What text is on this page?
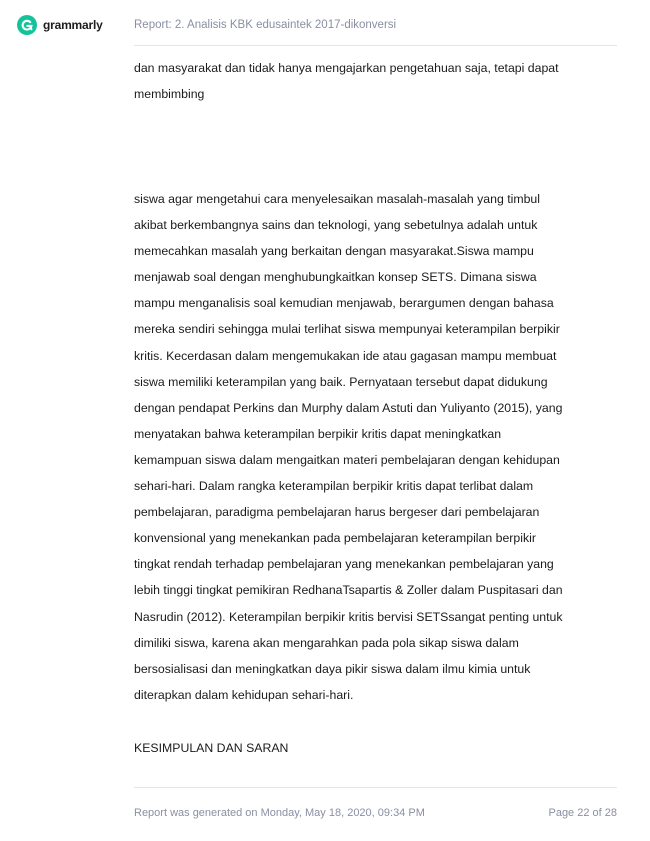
grammarly	Report: 2. Analisis KBK edusaintek 2017-dikonversi
dan masyarakat dan tidak hanya mengajarkan pengetahuan saja, tetapi dapat
membimbing
siswa agar mengetahui cara menyelesaikan masalah-masalah yang timbul
akibat berkembangnya sains dan teknologi, yang sebetulnya adalah untuk
memecahkan masalah yang berkaitan dengan masyarakat.Siswa mampu
menjawab soal dengan menghubungkaitkan konsep SETS. Dimana siswa
mampu menganalisis soal kemudian menjawab, berargumen dengan bahasa
mereka sendiri sehingga mulai terlihat siswa mempunyai keterampilan berpikir
kritis. Kecerdasan dalam mengemukakan ide atau gagasan mampu membuat
siswa memiliki keterampilan yang baik. Pernyataan tersebut dapat didukung
dengan pendapat Perkins dan Murphy dalam Astuti dan Yuliyanto (2015), yang
menyatakan bahwa keterampilan berpikir kritis dapat meningkatkan
kemampuan siswa dalam mengaitkan materi pembelajaran dengan kehidupan
sehari-hari. Dalam rangka keterampilan berpikir kritis dapat terlibat dalam
pembelajaran, paradigma pembelajaran harus bergeser dari pembelajaran
konvensional yang menekankan pada pembelajaran keterampilan berpikir
tingkat rendah terhadap pembelajaran yang menekankan pembelajaran yang
lebih tinggi tingkat pemikiran RedhanaTsapartis & Zoller dalam Puspitasari dan
Nasrudin (2012). Keterampilan berpikir kritis bervisi SETSsangat penting untuk
dimiliki siswa, karena akan mengarahkan pada pola sikap siswa dalam
bersosialisasi dan meningkatkan daya pikir siswa dalam ilmu kimia untuk
diterapkan dalam kehidupan sehari-hari.
KESIMPULAN DAN SARAN
Report was generated on Monday, May 18, 2020, 09:34 PM	Page 22 of 28
